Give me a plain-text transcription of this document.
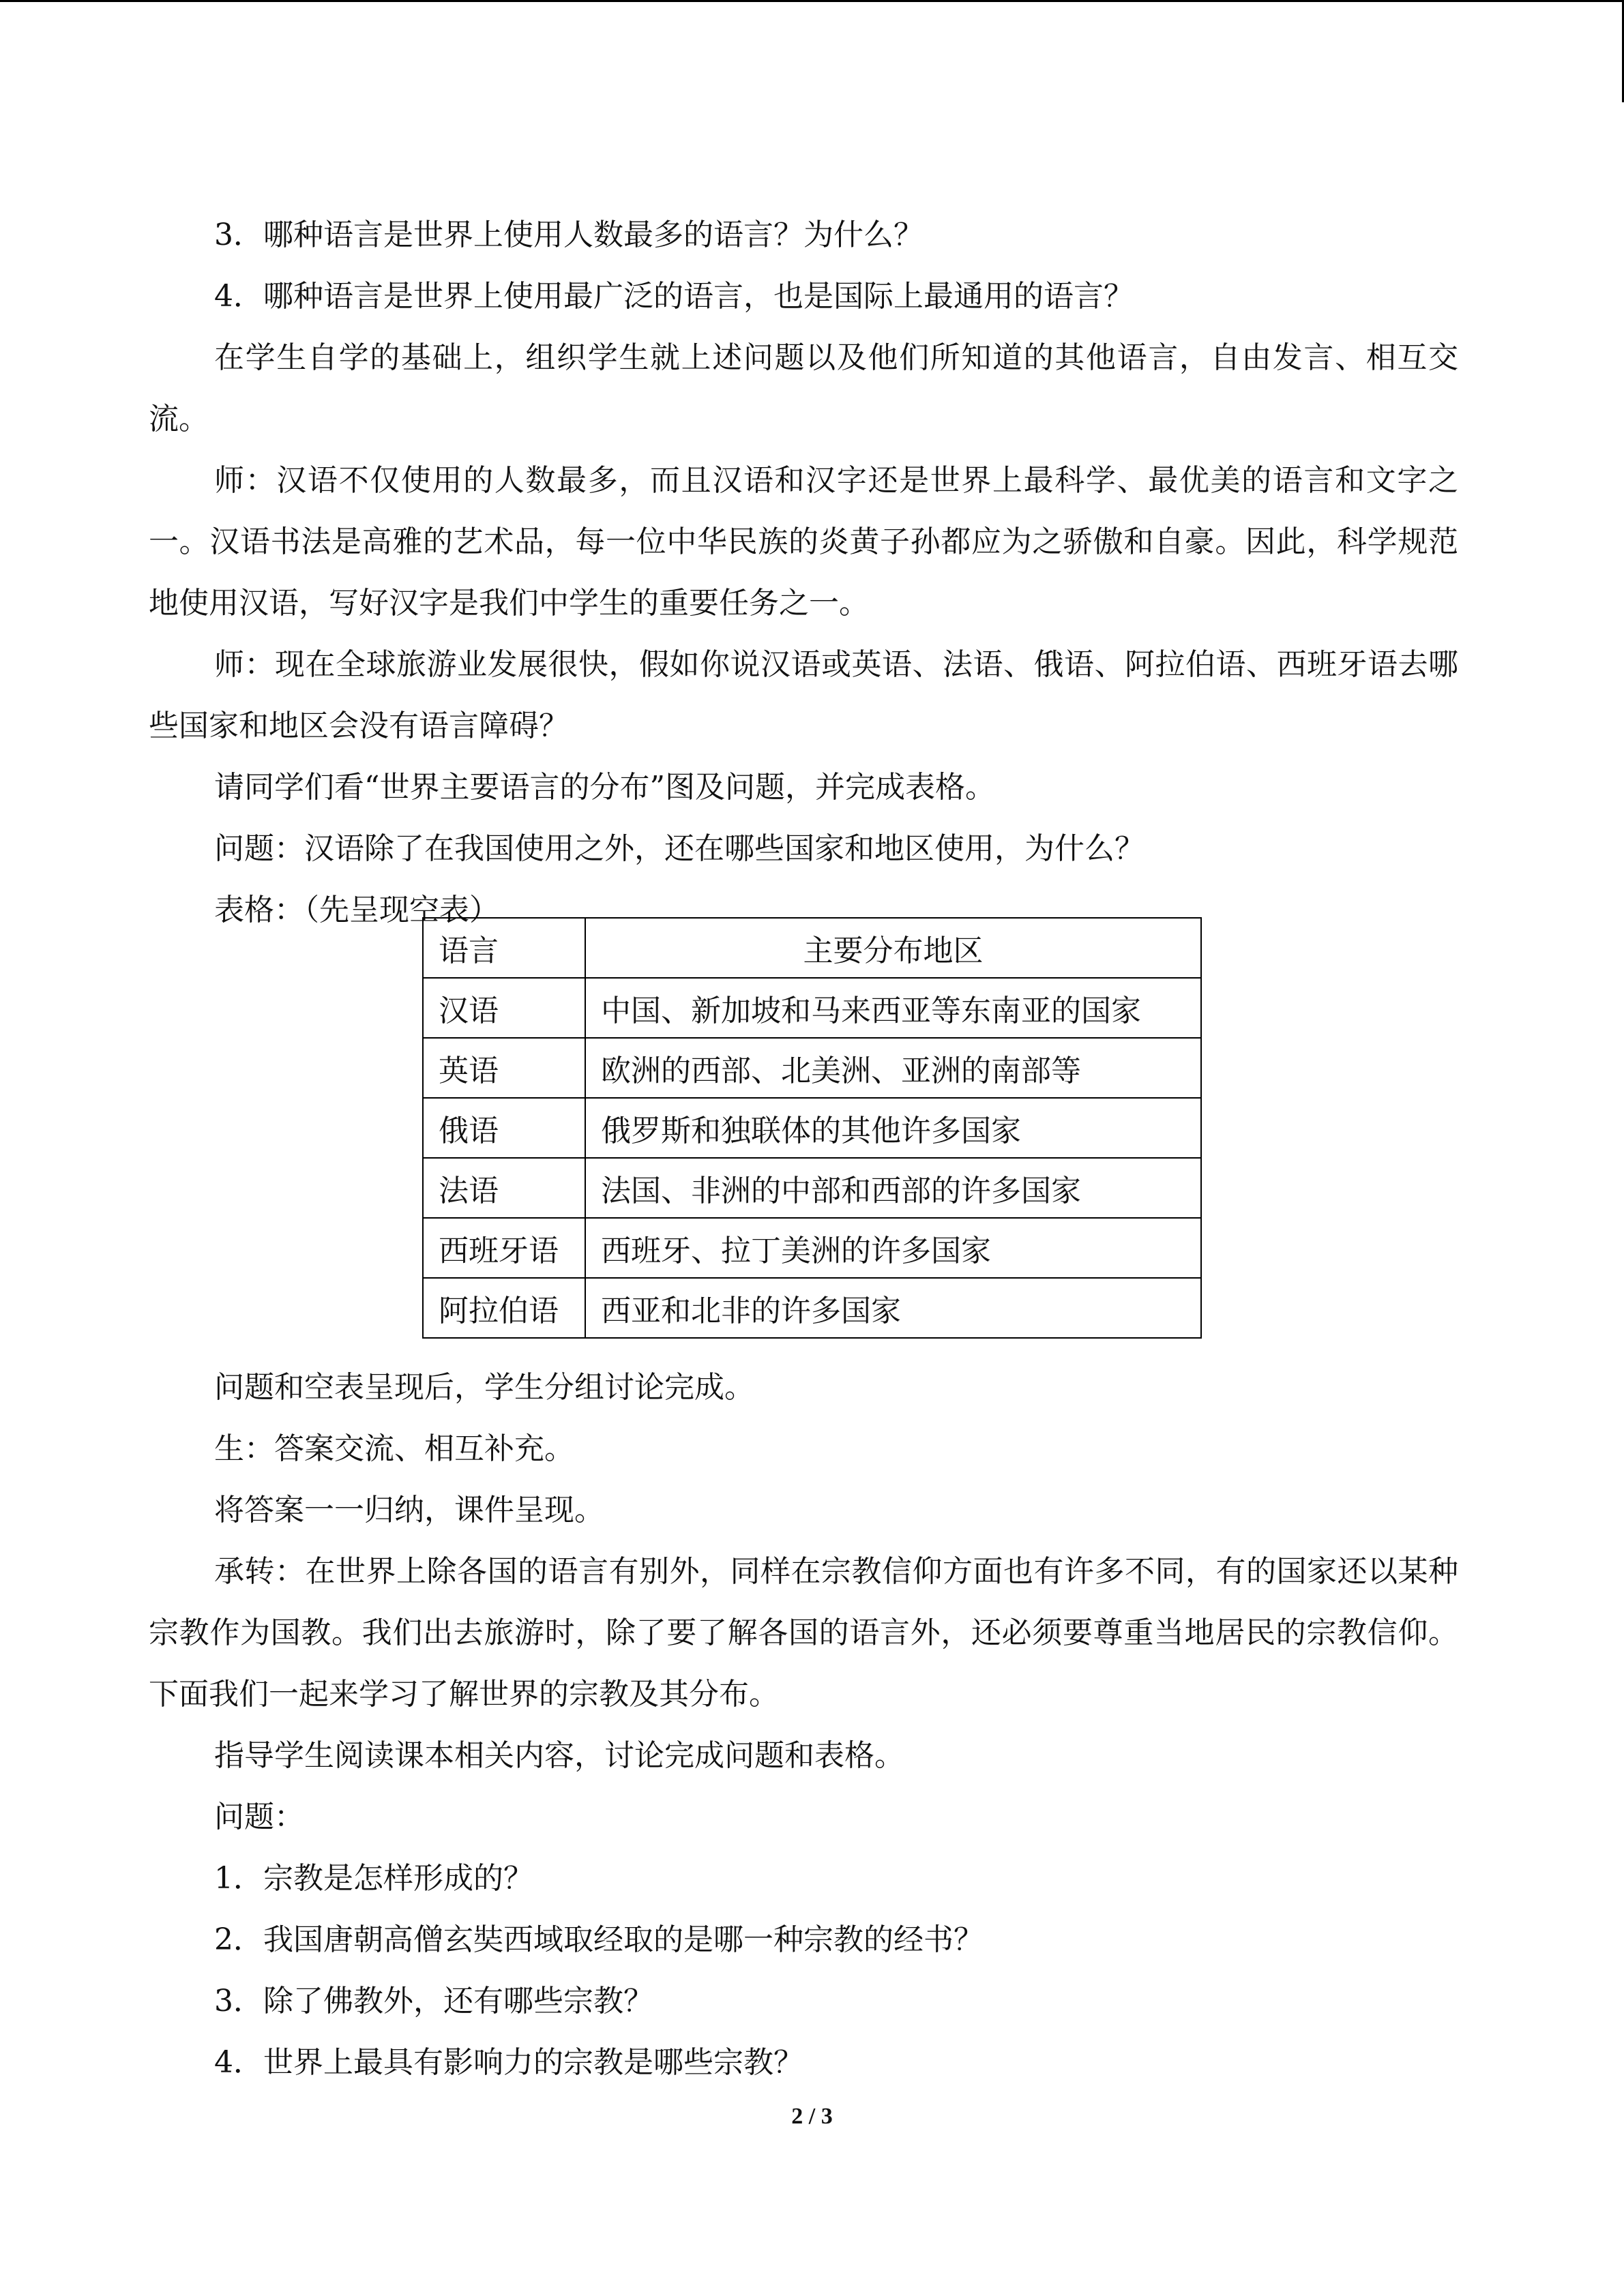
3．哪种语言是世界上使用人数最多的语言？为什么？

4．哪种语言是世界上使用最广泛的语言，也是国际上最通用的语言？

在学生自学的基础上，组织学生就上述问题以及他们所知道的其他语言，自由发言、相互交流。

师：汉语不仅使用的人数最多，而且汉语和汉字还是世界上最科学、最优美的语言和文字之一。汉语书法是高雅的艺术品，每一位中华民族的炎黄子孙都应为之骄傲和自豪。因此，科学规范地使用汉语，写好汉字是我们中学生的重要任务之一。

师：现在全球旅游业发展很快，假如你说汉语或英语、法语、俄语、阿拉伯语、西班牙语去哪些国家和地区会没有语言障碍？

请同学们看“世界主要语言的分布”图及问题，并完成表格。

问题：汉语除了在我国使用之外，还在哪些国家和地区使用，为什么？

表格：（先呈现空表）

语言	主要分布地区
汉语	中国、新加坡和马来西亚等东南亚的国家
英语	欧洲的西部、北美洲、亚洲的南部等
俄语	俄罗斯和独联体的其他许多国家
法语	法国、非洲的中部和西部的许多国家
西班牙语	西班牙、拉丁美洲的许多国家
阿拉伯语	西亚和北非的许多国家

问题和空表呈现后，学生分组讨论完成。

生：答案交流、相互补充。

将答案一一归纳，课件呈现。

承转：在世界上除各国的语言有别外，同样在宗教信仰方面也有许多不同，有的国家还以某种宗教作为国教。我们出去旅游时，除了要了解各国的语言外，还必须要尊重当地居民的宗教信仰。下面我们一起来学习了解世界的宗教及其分布。

指导学生阅读课本相关内容，讨论完成问题和表格。

问题：

1．宗教是怎样形成的？

2．我国唐朝高僧玄奘西域取经取的是哪一种宗教的经书？

3．除了佛教外，还有哪些宗教？

4．世界上最具有影响力的宗教是哪些宗教？

2 / 3
